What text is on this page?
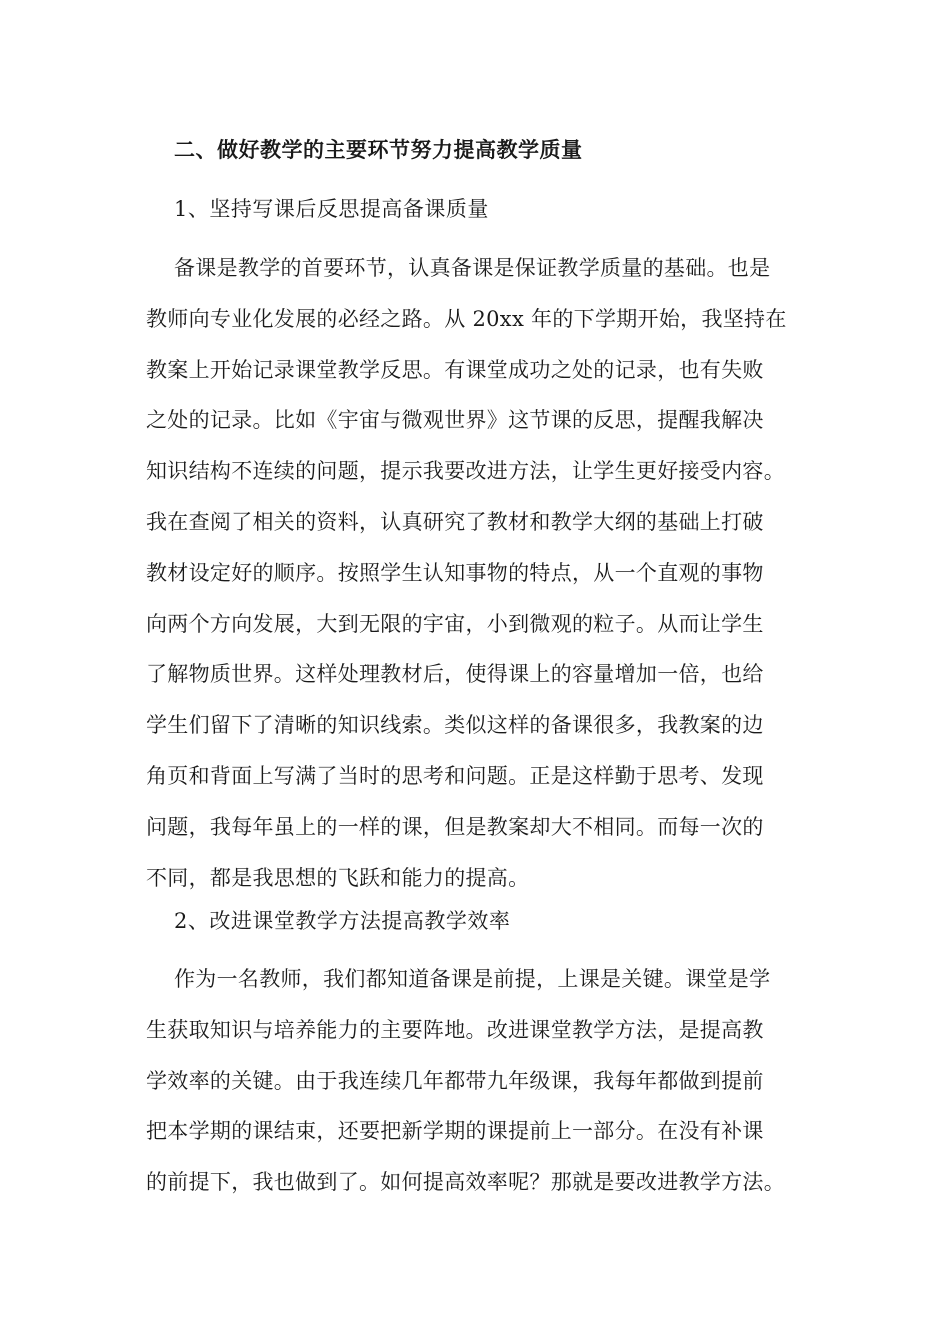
二、做好教学的主要环节努力提高教学质量
1、坚持写课后反思提高备课质量
备课是教学的首要环节，认真备课是保证教学质量的基础。也是
教师向专业化发展的必经之路。从 20xx 年的下学期开始，我坚持在
教案上开始记录课堂教学反思。有课堂成功之处的记录，也有失败
之处的记录。比如《宇宙与微观世界》这节课的反思，提醒我解决
知识结构不连续的问题，提示我要改进方法，让学生更好接受内容。
我在查阅了相关的资料，认真研究了教材和教学大纲的基础上打破
教材设定好的顺序。按照学生认知事物的特点，从一个直观的事物
向两个方向发展，大到无限的宇宙，小到微观的粒子。从而让学生
了解物质世界。这样处理教材后，使得课上的容量增加一倍，也给
学生们留下了清晰的知识线索。类似这样的备课很多，我教案的边
角页和背面上写满了当时的思考和问题。正是这样勤于思考、发现
问题，我每年虽上的一样的课，但是教案却大不相同。而每一次的
不同，都是我思想的飞跃和能力的提高。
2、改进课堂教学方法提高教学效率
作为一名教师，我们都知道备课是前提，上课是关键。课堂是学
生获取知识与培养能力的主要阵地。改进课堂教学方法，是提高教
学效率的关键。由于我连续几年都带九年级课，我每年都做到提前
把本学期的课结束，还要把新学期的课提前上一部分。在没有补课
的前提下，我也做到了。如何提高效率呢？那就是要改进教学方法。
